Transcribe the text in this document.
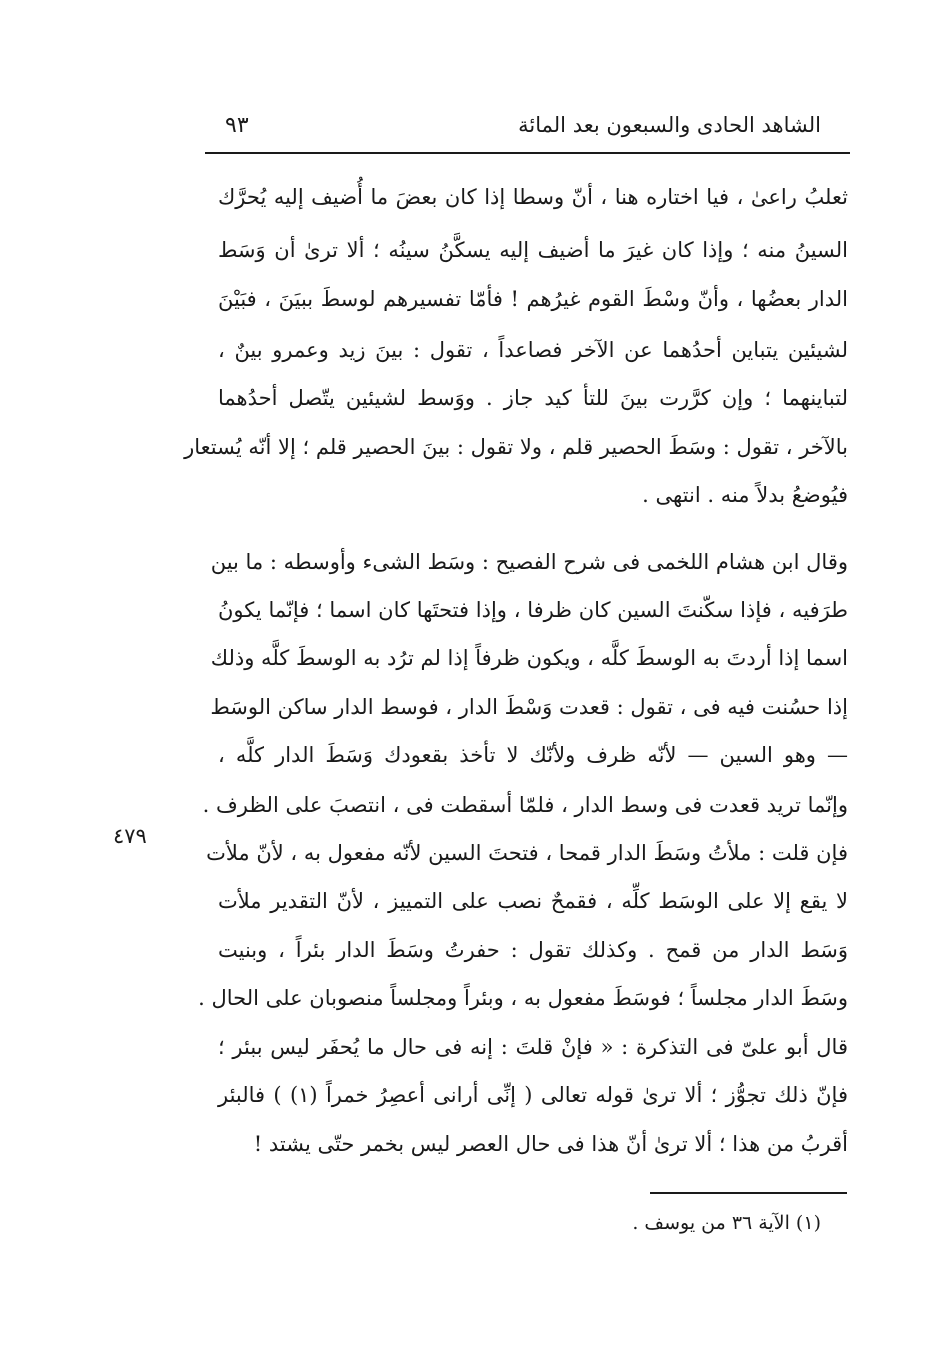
الشاهد الحادى والسبعون بعد المائة
٩٣
ثعلبُ راعىٰ ، فيا اختاره هنا ، أنّ وسطا إذا كان بعضَ ما أُضيف إليه يُحرَّك
السينُ منه ؛ وإذا كان غيرَ ما أضيف إليه يسكَّنُ سينُه ؛ ألا ترىٰ أن وَسَط
الدار بعضُها ، وأنّ وسْطَ القوم غيرُهم ! فأمّا تفسيرهم لوسطَ ببيَنَ ، فبَيْنَ
لشيئين يتباين أحدُهما عن الآخر فصاعداً ، تقول : بينَ زيد وعمرو بينٌ ،
لتباينهما ؛ وإن كرَّرت بينَ للتأ كيد جاز . ووَسط لشيئين يتّصل أحدُهما
بالآخر ، تقول : وسَطَ الحصير قلم ، ولا تقول : بينَ الحصير قلم ؛ إلا أنّه يُستعار
فيُوضعُ بدلاً منه . انتهى .
وقال ابن هشام اللخمى فى شرح الفصيح : وسَط الشىء وأوسطه : ما بين
طرَفيه ، فإذا سكّنتَ السين كان ظرفا ، وإذا فتحتَها كان اسما ؛ فإنّما يكونُ
اسما إذا أردتَ به الوسطَ كلَّه ، ويكون ظرفاً إذا لم ترُد به الوسطَ كلَّه وذلك
إذا حسُنت فيه فى ، تقول : قعدت وَسْطَ الدار ، فوسط الدار ساكن الوسَط
— وهو السين — لأنّه ظرف ولأنّك لا تأخذ بقعودك وَسَطَ الدار كلَّه ،
وإنّما تريد قعدت فى وسط الدار ، فلمّا أسقطت فى ، انتصبَ على الظرف .
فإن قلت : ملأتُ وسَطَ الدار قمحا ، فتحتَ السين لأنّه مفعول به ، لأنّ ملأت
لا يقع إلا على الوسَط كلِّه ، فقمحٌ نصب على التمييز ، لأنّ التقدير ملأت
وَسَط الدار من قمح . وكذلك تقول : حفرتُ وسَطَ الدار بئراً ، وبنيت
وسَطَ الدار مجلساً ؛ فوسَطَ مفعول به ، وبئراً ومجلساً منصوبان على الحال .
قال أبو علىّ فى التذكرة : « فإنْ قلتَ : إنه فى حال ما يُحفَر ليس ببئر ؛
فإنّ ذلك تجوُّز ؛ ألا ترىٰ قوله تعالى ( إنِّى أرانى أعصِرُ خمراً (١) ) فالبئر
أقربُ من هذا ؛ ألا ترىٰ أنّ هذا فى حال العصر ليس بخمر حتّى يشتد !
٤٧٩
(١) الآية ٣٦ من يوسف .
